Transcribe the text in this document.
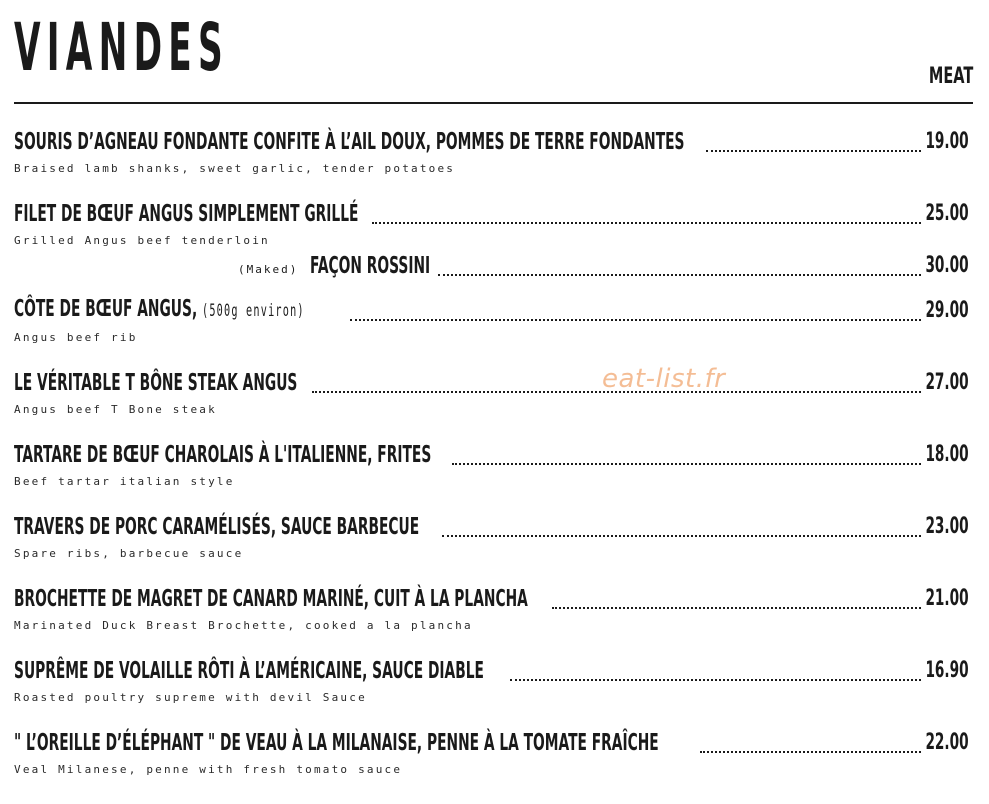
VIANDES	MEAT
SOURIS D’AGNEAU FONDANTE CONFITE À L’AIL DOUX, POMMES DE TERRE FONDANTES	19.00
Braised lamb shanks, sweet garlic, tender potatoes
FILET DE BŒUF ANGUS SIMPLEMENT GRILLÉ	25.00
Grilled Angus beef tenderloin
(Maked) FAÇON ROSSINI	30.00
CÔTE DE BŒUF ANGUS, (500g environ)	29.00
Angus beef rib
LE VÉRITABLE T BÔNE STEAK ANGUS	27.00
Angus beef T Bone steak
TARTARE DE BŒUF CHAROLAIS À L'ITALIENNE, FRITES	18.00
Beef tartar italian style
TRAVERS DE PORC CARAMÉLISÉS, SAUCE BARBECUE	23.00
Spare ribs, barbecue sauce
BROCHETTE DE MAGRET DE CANARD MARINÉ, CUIT À LA PLANCHA	21.00
Marinated Duck Breast Brochette, cooked a la plancha
SUPRÊME DE VOLAILLE RÔTI À L’AMÉRICAINE, SAUCE DIABLE	16.90
Roasted poultry supreme with devil Sauce
" L’OREILLE D’ÉLÉPHANT " DE VEAU À LA MILANAISE, PENNE À LA TOMATE FRAÎCHE	22.00
Veal Milanese, penne with fresh tomato sauce
eat-list.fr
